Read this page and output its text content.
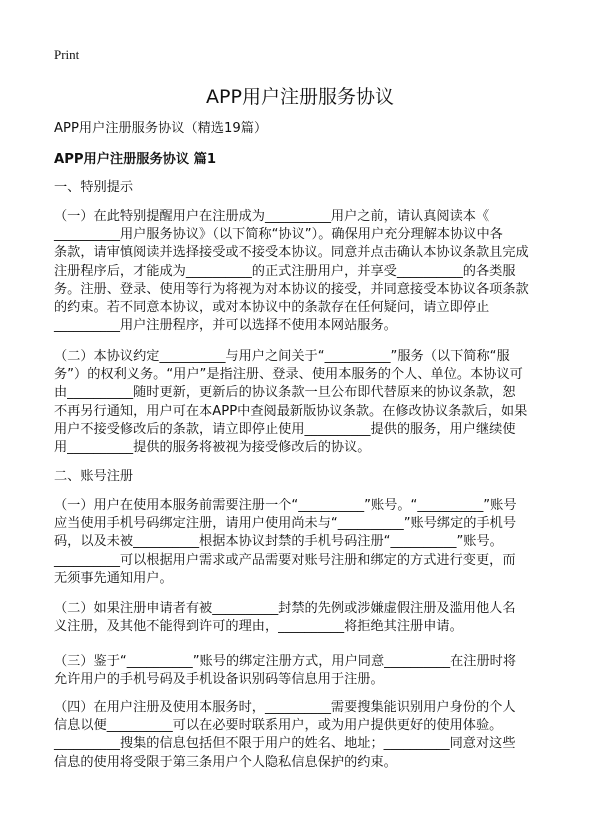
Print
APP用户注册服务协议
APP用户注册服务协议（精选19篇）
APP用户注册服务协议 篇1
一、特别提示
（一）在此特别提醒用户在注册成为__________用户之前，请认真阅读本《
__________用户服务协议》（以下简称“协议”）。确保用户充分理解本协议中各
条款，请审慎阅读并选择接受或不接受本协议。同意并点击确认本协议条款且完成
注册程序后，才能成为__________的正式注册用户，并享受__________的各类服
务。注册、登录、使用等行为将视为对本协议的接受，并同意接受本协议各项条款
的约束。若不同意本协议，或对本协议中的条款存在任何疑问，请立即停止
__________用户注册程序，并可以选择不使用本网站服务。
（二）本协议约定__________与用户之间关于“__________”服务（以下简称“服
务”）的权利义务。“用户”是指注册、登录、使用本服务的个人、单位。本协议可
由__________随时更新，更新后的协议条款一旦公布即代替原来的协议条款，恕
不再另行通知，用户可在本APP中查阅最新版协议条款。在修改协议条款后，如果
用户不接受修改后的条款，请立即停止使用__________提供的服务，用户继续使
用__________提供的服务将被视为接受修改后的协议。
二、账号注册
（一）用户在使用本服务前需要注册一个“__________”账号。“__________”账号
应当使用手机号码绑定注册，请用户使用尚未与“__________”账号绑定的手机号
码，以及未被__________根据本协议封禁的手机号码注册“__________”账号。
__________可以根据用户需求或产品需要对账号注册和绑定的方式进行变更，而
无须事先通知用户。
（二）如果注册申请者有被__________封禁的先例或涉嫌虚假注册及滥用他人名
义注册，及其他不能得到许可的理由，__________将拒绝其注册申请。
（三）鉴于“__________”账号的绑定注册方式，用户同意__________在注册时将
允许用户的手机号码及手机设备识别码等信息用于注册。
（四）在用户注册及使用本服务时，__________需要搜集能识别用户身份的个人
信息以便__________可以在必要时联系用户，或为用户提供更好的使用体验。
__________搜集的信息包括但不限于用户的姓名、地址；__________同意对这些
信息的使用将受限于第三条用户个人隐私信息保护的约束。
